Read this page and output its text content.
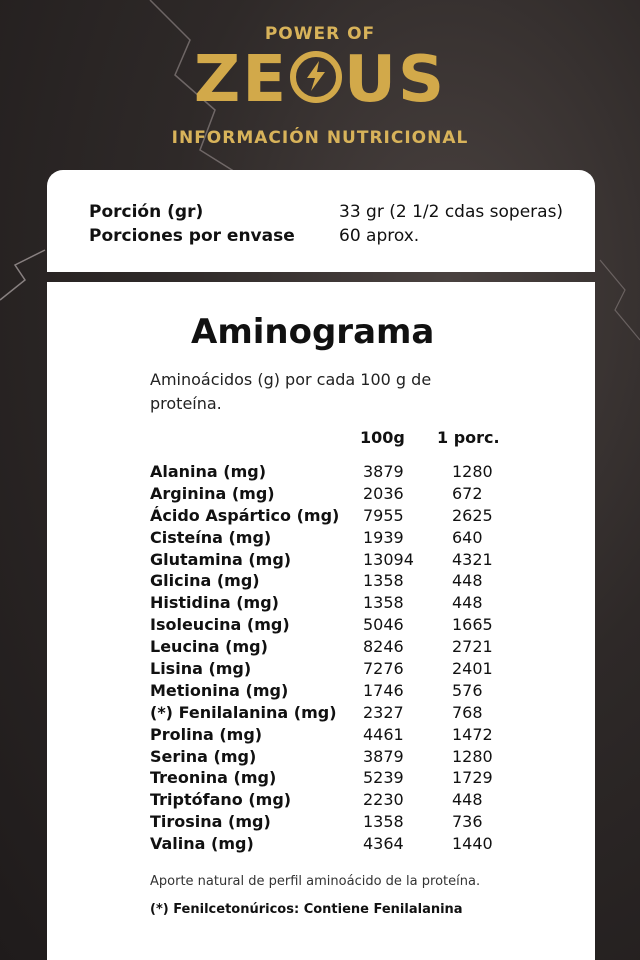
POWER OF
ZE US
INFORMACIÓN NUTRICIONAL
Porción (gr)	33 gr (2 1/2 cdas soperas)
Porciones por envase	60 aprox.
Aminograma
Aminoácidos (g) por cada 100 g de proteína.
100g 1 porc.
Alanina (mg)	3879	1280
Arginina (mg)	2036	672
Ácido Aspártico (mg) 7955	2625
Cisteína (mg)	1939	640
Glutamina (mg)	13094 4321
Glicina (mg)	1358	448
Histidina (mg)	1358	448
Isoleucina (mg)	5046	1665
Leucina (mg)	8246	2721
Lisina (mg)	7276	2401
Metionina (mg)	1746	576
(*) Fenilalanina (mg) 2327	768
Prolina (mg)	4461	1472
Serina (mg)	3879	1280
Treonina (mg)	5239	1729
Triptófano (mg)	2230	448
Tirosina (mg)	1358	736
Valina (mg)	4364	1440
Aporte natural de perfil aminoácido de la proteína.
(*) Fenilcetonúricos: Contiene Fenilalanina
